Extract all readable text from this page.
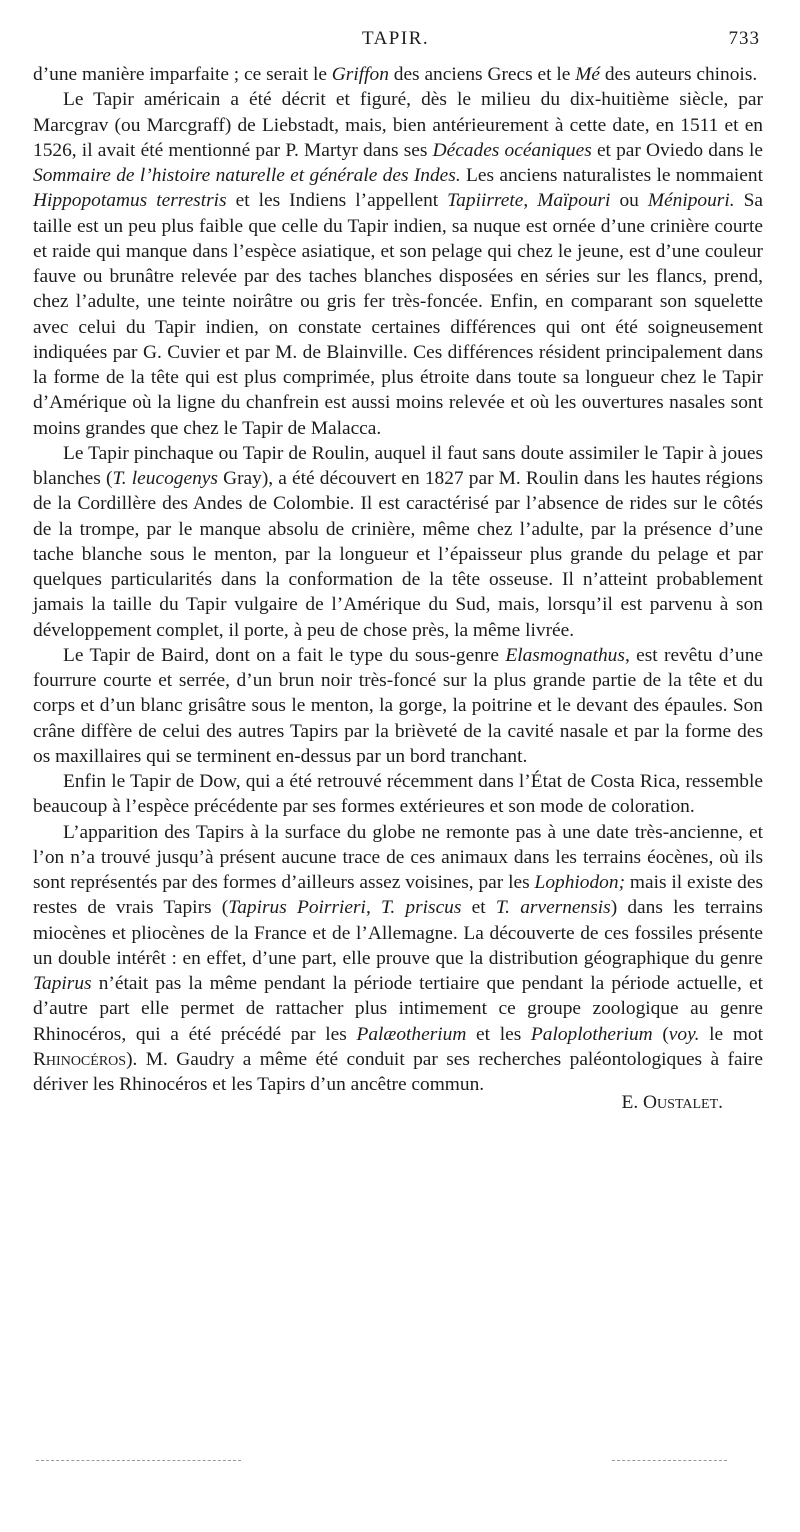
TAPIR.	733

d’une manière imparfaite ; ce serait le Griffon des anciens Grecs et le Mé des auteurs chinois.

Le Tapir américain a été décrit et figuré, dès le milieu du dix-huitième siècle, par Marcgrav (ou Marcgraff) de Liebstadt, mais, bien antérieurement à cette date, en 1511 et en 1526, il avait été mentionné par P. Martyr dans ses Décades océaniques et par Oviedo dans le Sommaire de l’histoire naturelle et générale des Indes. Les anciens naturalistes le nommaient Hippopotamus terrestris et les Indiens l’appellent Tapiirrete, Maïpouri ou Ménipouri. Sa taille est un peu plus faible que celle du Tapir indien, sa nuque est ornée d’une crinière courte et raide qui manque dans l’espèce asiatique, et son pelage qui chez le jeune, est d’une couleur fauve ou brunâtre relevée par des taches blanches disposées en séries sur les flancs, prend, chez l’adulte, une teinte noirâtre ou gris fer très-foncée. Enfin, en comparant son squelette avec celui du Tapir indien, on constate certaines différences qui ont été soigneusement indiquées par G. Cuvier et par M. de Blainville. Ces différences résident principalement dans la forme de la tête qui est plus comprimée, plus étroite dans toute sa longueur chez le Tapir d’Amérique où la ligne du chanfrein est aussi moins relevée et où les ouvertures nasales sont moins grandes que chez le Tapir de Malacca.

Le Tapir pinchaque ou Tapir de Roulin, auquel il faut sans doute assimiler le Tapir à joues blanches (T. leucogenys Gray), a été découvert en 1827 par M. Roulin dans les hautes régions de la Cordillère des Andes de Colombie. Il est caractérisé par l’absence de rides sur le côtés de la trompe, par le manque absolu de crinière, même chez l’adulte, par la présence d’une tache blanche sous le menton, par la longueur et l’épaisseur plus grande du pelage et par quelques particularités dans la conformation de la tête osseuse. Il n’atteint probablement jamais la taille du Tapir vulgaire de l’Amérique du Sud, mais, lorsqu’il est parvenu à son développement complet, il porte, à peu de chose près, la même livrée.

Le Tapir de Baird, dont on a fait le type du sous-genre Elasmognathus, est revêtu d’une fourrure courte et serrée, d’un brun noir très-foncé sur la plus grande partie de la tête et du corps et d’un blanc grisâtre sous le menton, la gorge, la poitrine et le devant des épaules. Son crâne diffère de celui des autres Tapirs par la brièveté de la cavité nasale et par la forme des os maxillaires qui se terminent en-dessus par un bord tranchant.

Enfin le Tapir de Dow, qui a été retrouvé récemment dans l’État de Costa Rica, ressemble beaucoup à l’espèce précédente par ses formes extérieures et son mode de coloration.

L’apparition des Tapirs à la surface du globe ne remonte pas à une date très-ancienne, et l’on n’a trouvé jusqu’à présent aucune trace de ces animaux dans les terrains éocènes, où ils sont représentés par des formes d’ailleurs assez voisines, par les Lophiodon; mais il existe des restes de vrais Tapirs (Tapirus Poirrieri, T. priscus et T. arvernensis) dans les terrains miocènes et pliocènes de la France et de l’Allemagne. La découverte de ces fossiles présente un double intérêt : en effet, d’une part, elle prouve que la distribution géographique du genre Tapirus n’était pas la même pendant la période tertiaire que pendant la période actuelle, et d’autre part elle permet de rattacher plus intimement ce groupe zoologique au genre Rhinocéros, qui a été précédé par les Palæotherium et les Paloplotherium (voy. le mot Rhinocéros). M. Gaudry a même été conduit par ses recherches paléontologiques à faire dériver les Rhinocéros et les Tapirs d’un ancêtre commun.
E. Oustalet.
